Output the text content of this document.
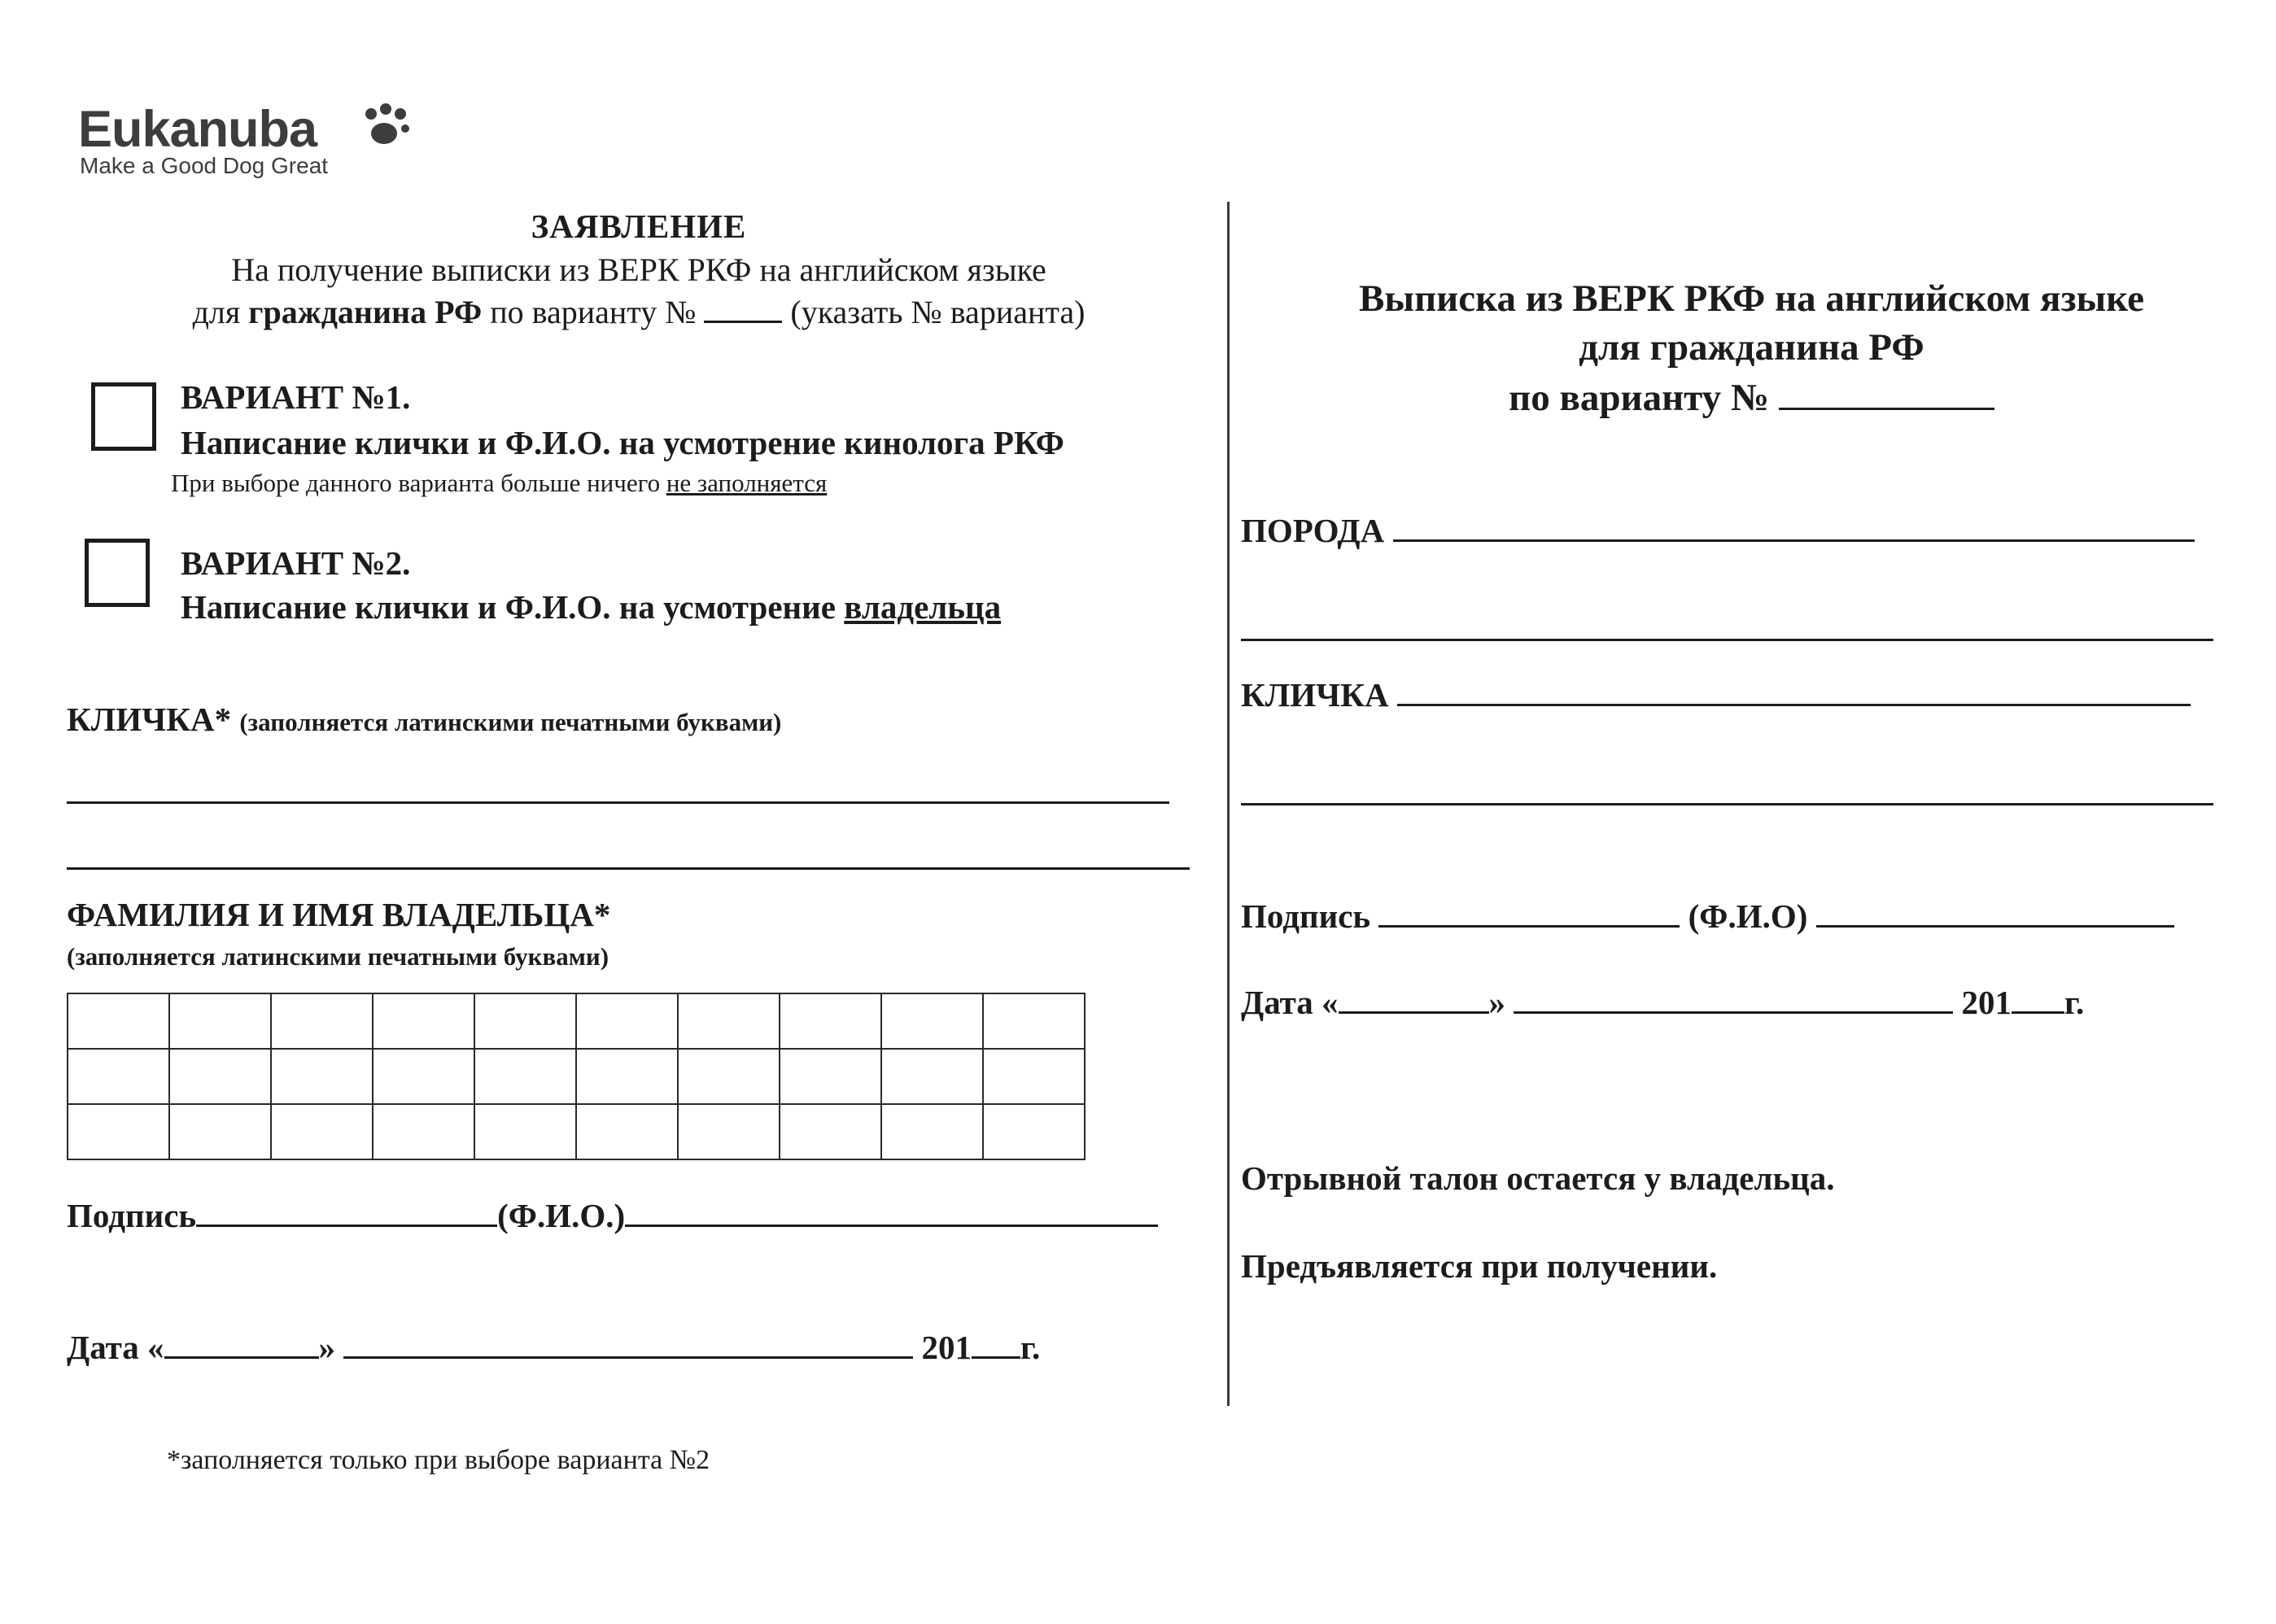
Eukanuba
Make a Good Dog Great
ЗАЯВЛЕНИЕ
На получение выписки из ВЕРК РКФ на английском языке
для гражданина РФ по варианту №  (указать № варианта)
ВАРИАНТ №1.
Написание клички и Ф.И.О. на усмотрение кинолога РКФ
При выборе данного варианта больше ничего не заполняется
ВАРИАНТ №2.
Написание клички и Ф.И.О. на усмотрение владельца
КЛИЧКА* (заполняется латинскими печатными буквами)
ФАМИЛИЯ И ИМЯ ВЛАДЕЛЬЦА*
(заполняется латинскими печатными буквами)

Подпись	(Ф.И.О.)
Дата «	»	201 г.
*заполняется только при выборе варианта №2
Выписка из ВЕРК РКФ на английском языке
для гражданина РФ
по варианту №
ПОРОДА
КЛИЧКА
Подпись	(Ф.И.О)
Дата «	»	201 г.
Отрывной талон остается у владельца.
Предъявляется при получении.
